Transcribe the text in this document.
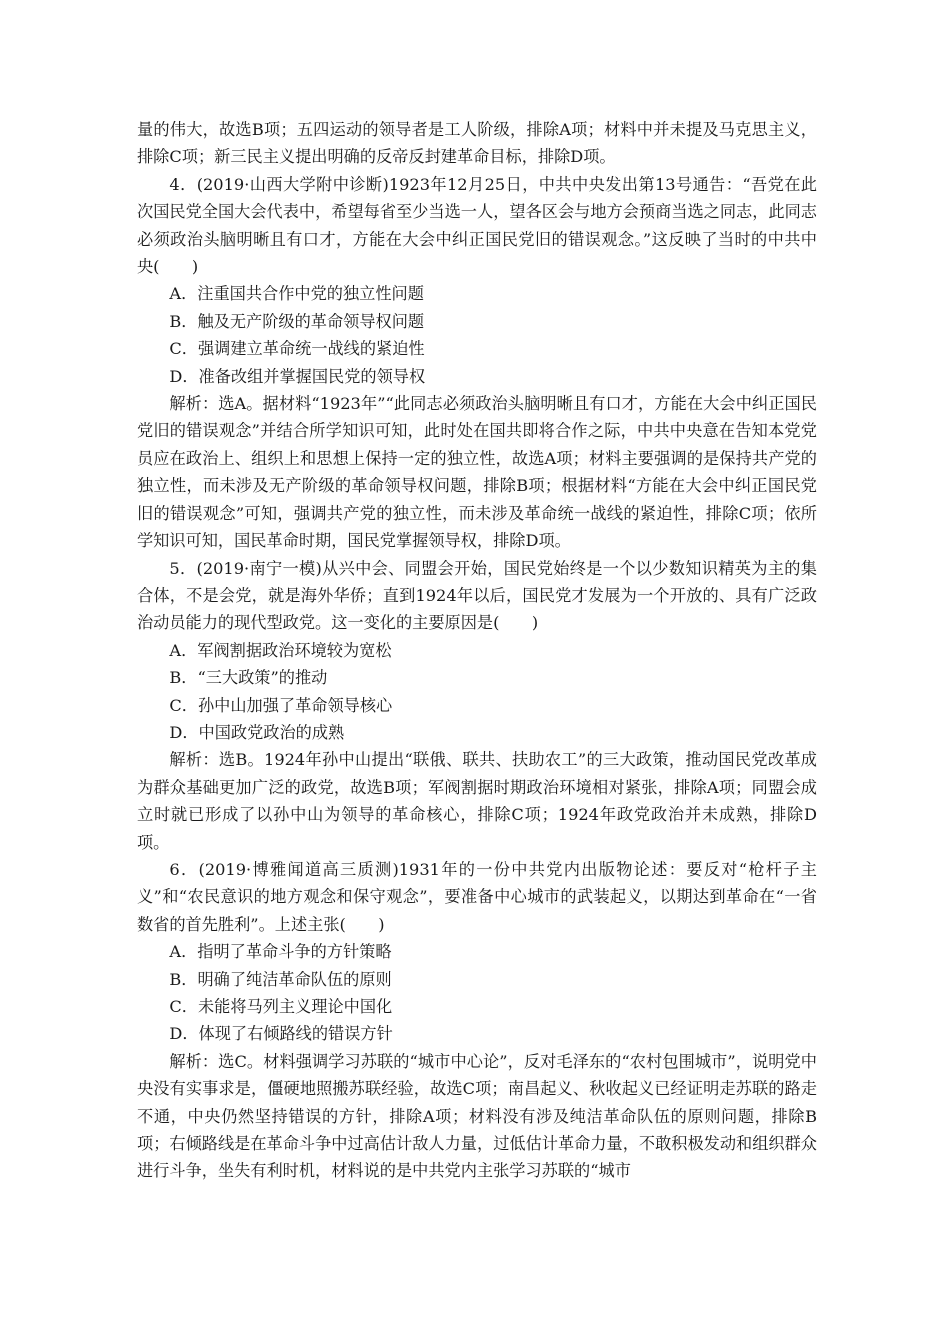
量的伟大，故选B项；五四运动的领导者是工人阶级，排除A项；材料中并未提及马克思主义，排除C项；新三民主义提出明确的反帝反封建革命目标，排除D项。

4．(2019·山西大学附中诊断)1923年12月25日，中共中央发出第13号通告：“吾党在此次国民党全国大会代表中，希望每省至少当选一人，望各区会与地方会预商当选之同志，此同志必须政治头脑明晰且有口才，方能在大会中纠正国民党旧的错误观念。”这反映了当时的中共中央(　　)

A．注重国共合作中党的独立性问题

B．触及无产阶级的革命领导权问题

C．强调建立革命统一战线的紧迫性

D．准备改组并掌握国民党的领导权

解析：选A。据材料“1923年”“此同志必须政治头脑明晰且有口才，方能在大会中纠正国民党旧的错误观念”并结合所学知识可知，此时处在国共即将合作之际，中共中央意在告知本党党员应在政治上、组织上和思想上保持一定的独立性，故选A项；材料主要强调的是保持共产党的独立性，而未涉及无产阶级的革命领导权问题，排除B项；根据材料“方能在大会中纠正国民党旧的错误观念”可知，强调共产党的独立性，而未涉及革命统一战线的紧迫性，排除C项；依所学知识可知，国民革命时期，国民党掌握领导权，排除D项。

5．(2019·南宁一模)从兴中会、同盟会开始，国民党始终是一个以少数知识精英为主的集合体，不是会党，就是海外华侨；直到1924年以后，国民党才发展为一个开放的、具有广泛政治动员能力的现代型政党。这一变化的主要原因是(　　)

A．军阀割据政治环境较为宽松

B．“三大政策”的推动

C．孙中山加强了革命领导核心

D．中国政党政治的成熟

解析：选B。1924年孙中山提出“联俄、联共、扶助农工”的三大政策，推动国民党改革成为群众基础更加广泛的政党，故选B项；军阀割据时期政治环境相对紧张，排除A项；同盟会成立时就已形成了以孙中山为领导的革命核心，排除C项；1924年政党政治并未成熟，排除D项。

6．(2019·博雅闻道高三质测)1931年的一份中共党内出版物论述：要反对“枪杆子主义”和“农民意识的地方观念和保守观念”，要准备中心城市的武装起义，以期达到革命在“一省数省的首先胜利”。上述主张(　　)

A．指明了革命斗争的方针策略

B．明确了纯洁革命队伍的原则

C．未能将马列主义理论中国化

D．体现了右倾路线的错误方针

解析：选C。材料强调学习苏联的“城市中心论”，反对毛泽东的“农村包围城市”，说明党中央没有实事求是，僵硬地照搬苏联经验，故选C项；南昌起义、秋收起义已经证明走苏联的路走不通，中央仍然坚持错误的方针，排除A项；材料没有涉及纯洁革命队伍的原则问题，排除B项；右倾路线是在革命斗争中过高估计敌人力量，过低估计革命力量，不敢积极发动和组织群众进行斗争，坐失有利时机，材料说的是中共党内主张学习苏联的“城市
